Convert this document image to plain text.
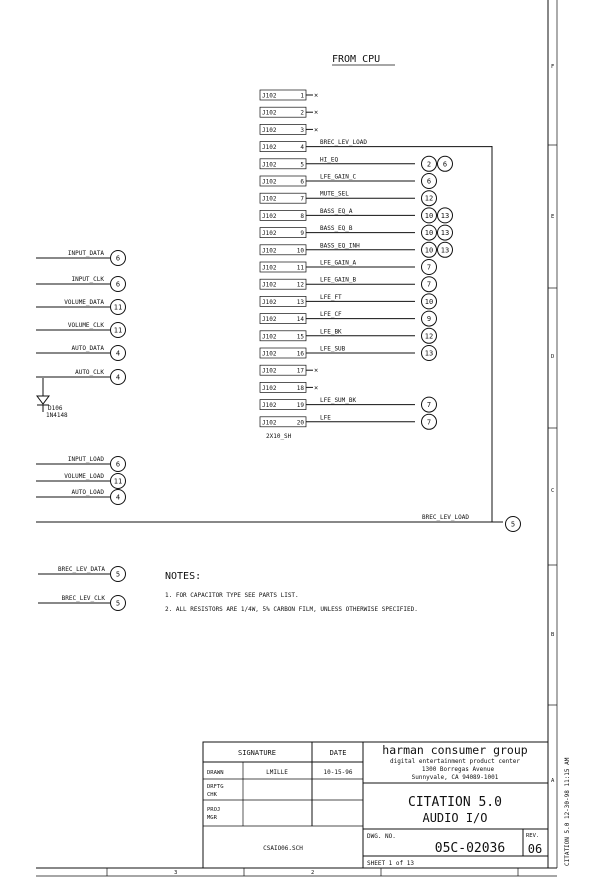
F
E
D
C
B
A
3	2
CITATION 5.0 12-30-98 11:15 AM
FROM CPU
J102	1 ×
J102	2 ×
J102	3 ×
J102	4
BREC_LEV_LOAD
J102	5
HI_EQ
2 6
J102	6
LFE_GAIN_C
6
J102	7
MUTE_SEL
12
J102	8
BASS_EQ_A
10 13
J102	9
BASS_EQ_B
10 13
J102	10
BASS_EQ_INH
10 13
J102	11
LFE_GAIN_A
7
J102	12
LFE_GAIN_B
7
J102	13
LFE_FT
10
J102	14
LFE_CF
9
J102	15
LFE_BK
12
J102	16
LFE_SUB
13
J102	17 ×
J102	18 ×
J102	19
LFE_SUM_BK
7
J102	20
LFE
7
2X10_SH
BREC_LEV_LOAD
5
INPUT_DATA
6
INPUT_CLK
6
VOLUME_DATA
11
VOLUME_CLK
11
AUTO_DATA
4
AUTO_CLK
4
D106
1N4148
INPUT_LOAD
6
VOLUME_LOAD
11
AUTO_LOAD
4
BREC_LEV_DATA
5
BREC_LEV_CLK
5
NOTES:
1. FOR CAPACITOR TYPE SEE PARTS LIST.
2. ALL RESISTORS ARE 1/4W, 5% CARBON FILM, UNLESS OTHERWISE SPECIFIED.
SIGNATURE	DATE
DRAWN	LMILLE	10-15-96
DRFTG
CHK
PROJ
MGR
CSAIO06.SCH
harman consumer group
digital entertainment product center
1300 Borregas Avenue
Sunnyvale, CA 94089-1001
CITATION 5.0
AUDIO I/O
DWG. NO.
05C-02036
REV.
06
SHEET 1 of 13
